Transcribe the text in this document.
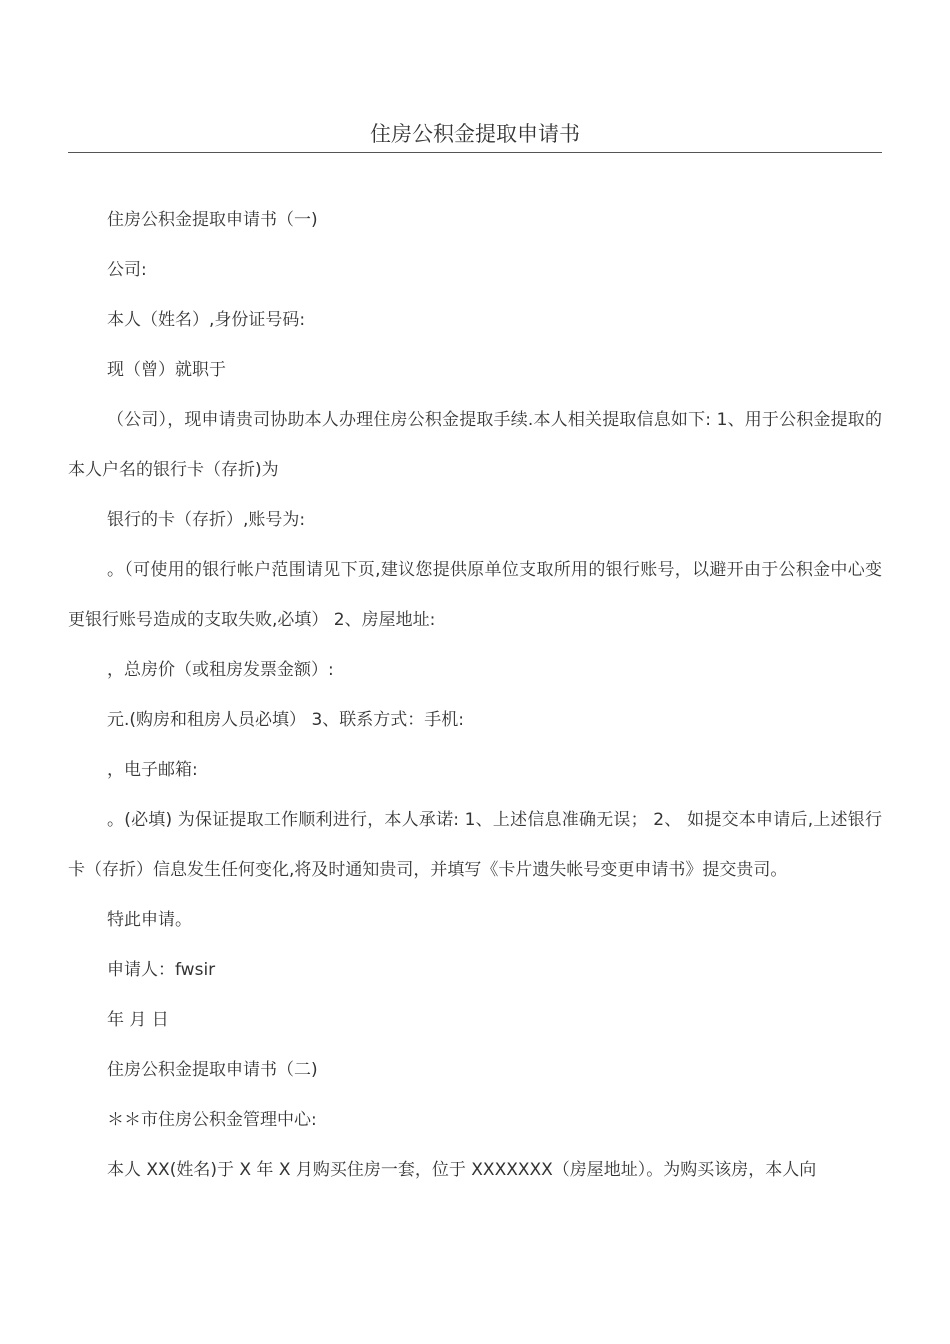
住房公积金提取申请书

住房公积金提取申请书（一)

公司:

本人（姓名）,身份证号码:

现（曾）就职于

（公司），现申请贵司协助本人办理住房公积金提取手续.本人相关提取信息如下: 1、用于公积金提取的本人户名的银行卡（存折)为

银行的卡（存折）,账号为:

。（可使用的银行帐户范围请见下页,建议您提供原单位支取所用的银行账号，以避开由于公积金中心变更银行账号造成的支取失败,必填） 2、房屋地址:

，总房价（或租房发票金额）:

元.(购房和租房人员必填） 3、联系方式：手机:

，电子邮箱:

。(必填) 为保证提取工作顺利进行，本人承诺: 1、上述信息准确无误； 2、 如提交本申请后,上述银行卡（存折）信息发生任何变化,将及时通知贵司，并填写《卡片遗失帐号变更申请书》提交贵司。

特此申请。

申请人：fwsir

年 月 日

住房公积金提取申请书（二)

＊＊市住房公积金管理中心:

本人 XX(姓名)于 X 年 X 月购买住房一套，位于 XXXXXXX（房屋地址）。为购买该房，本人向
